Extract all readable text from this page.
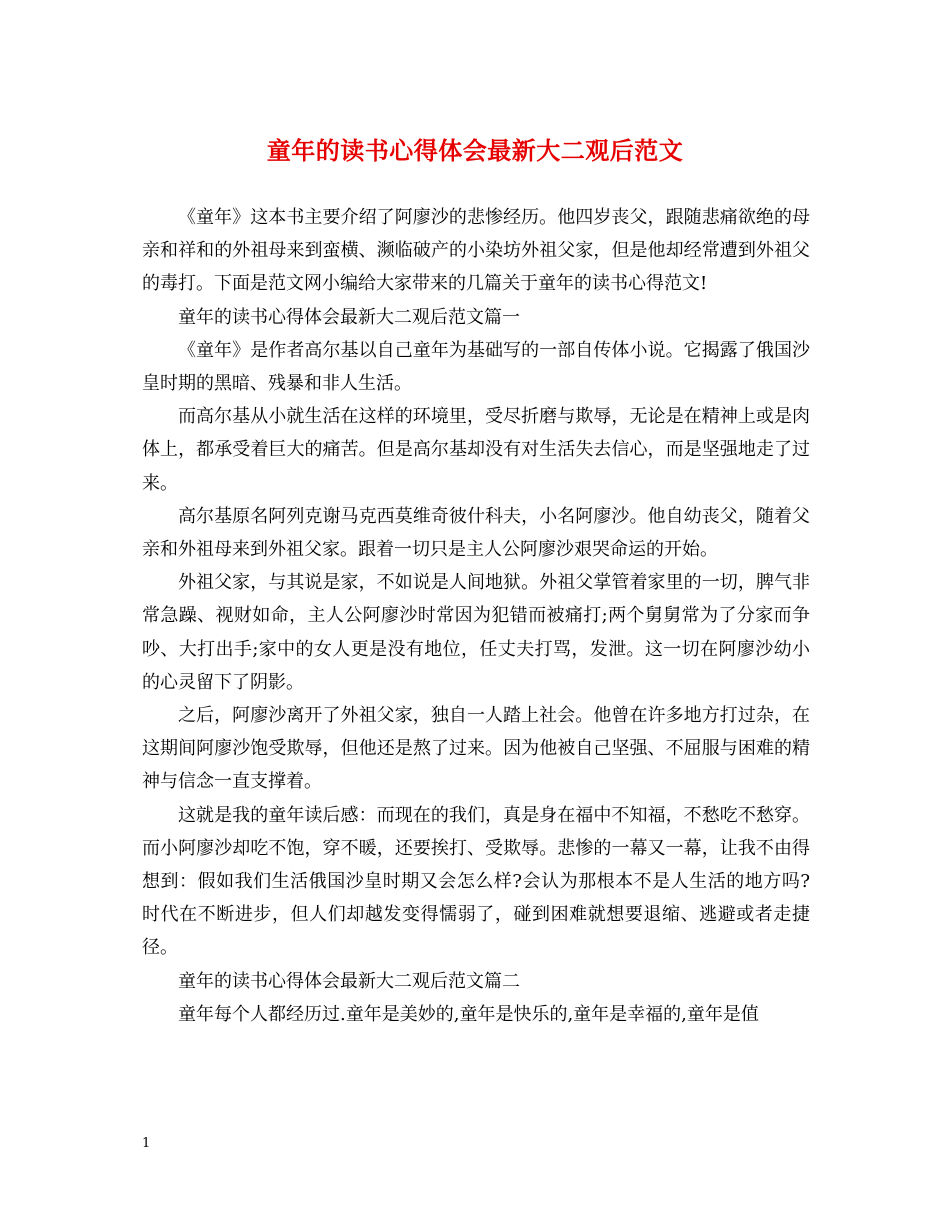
童年的读书心得体会最新大二观后范文

《童年》这本书主要介绍了阿廖沙的悲惨经历。他四岁丧父，跟随悲痛欲绝的母亲和祥和的外祖母来到蛮横、濒临破产的小染坊外祖父家，但是他却经常遭到外祖父的毒打。下面是范文网小编给大家带来的几篇关于童年的读书心得范文!

童年的读书心得体会最新大二观后范文篇一

《童年》是作者高尔基以自己童年为基础写的一部自传体小说。它揭露了俄国沙皇时期的黑暗、残暴和非人生活。

而高尔基从小就生活在这样的环境里，受尽折磨与欺辱，无论是在精神上或是肉体上，都承受着巨大的痛苦。但是高尔基却没有对生活失去信心，而是坚强地走了过来。

高尔基原名阿列克谢马克西莫维奇彼什科夫，小名阿廖沙。他自幼丧父，随着父亲和外祖母来到外祖父家。跟着一切只是主人公阿廖沙艰哭命运的开始。

外祖父家，与其说是家，不如说是人间地狱。外祖父掌管着家里的一切，脾气非常急躁、视财如命，主人公阿廖沙时常因为犯错而被痛打;两个舅舅常为了分家而争吵、大打出手;家中的女人更是没有地位，任丈夫打骂，发泄。这一切在阿廖沙幼小的心灵留下了阴影。

之后，阿廖沙离开了外祖父家，独自一人踏上社会。他曾在许多地方打过杂，在这期间阿廖沙饱受欺辱，但他还是熬了过来。因为他被自己坚强、不屈服与困难的精神与信念一直支撑着。

这就是我的童年读后感：而现在的我们，真是身在福中不知福，不愁吃不愁穿。而小阿廖沙却吃不饱，穿不暖，还要挨打、受欺辱。悲惨的一幕又一幕，让我不由得想到：假如我们生活俄国沙皇时期又会怎么样?会认为那根本不是人生活的地方吗? 时代在不断进步，但人们却越发变得懦弱了，碰到困难就想要退缩、逃避或者走捷径。

童年的读书心得体会最新大二观后范文篇二

童年每个人都经历过.童年是美妙的,童年是快乐的,童年是幸福的,童年是值

1
